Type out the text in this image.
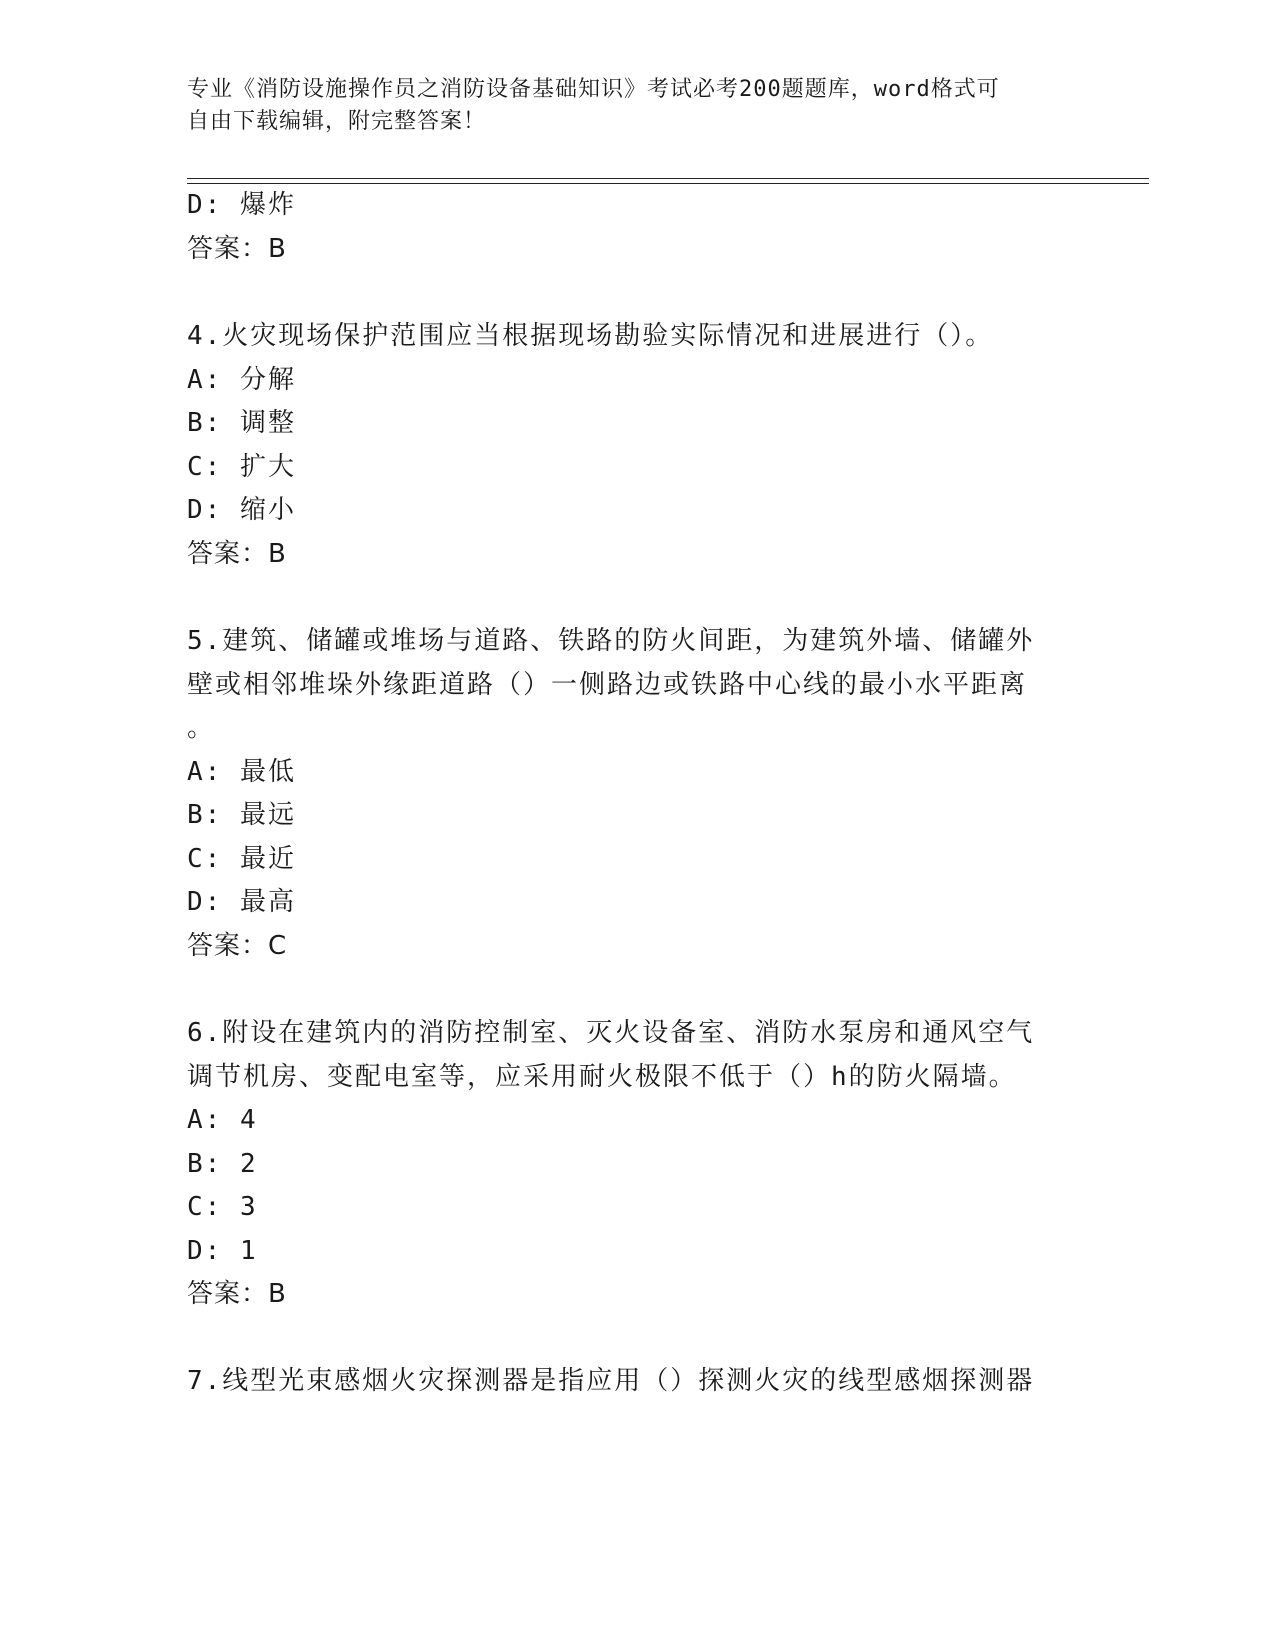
专业《消防设施操作员之消防设备基础知识》考试必考200题题库，word格式可
自由下载编辑，附完整答案！
D: 爆炸
答案：B
4.火灾现场保护范围应当根据现场勘验实际情况和进展进行（）。
A: 分解
B: 调整
C: 扩大
D: 缩小
答案：B
5.建筑、储罐或堆场与道路、铁路的防火间距，为建筑外墙、储罐外
壁或相邻堆垛外缘距道路（）一侧路边或铁路中心线的最小水平距离
。
A: 最低
B: 最远
C: 最近
D: 最高
答案：C
6.附设在建筑内的消防控制室、灭火设备室、消防水泵房和通风空气
调节机房、变配电室等，应采用耐火极限不低于（）h的防火隔墙。
A: 4
B: 2
C: 3
D: 1
答案：B
7.线型光束感烟火灾探测器是指应用（）探测火灾的线型感烟探测器
